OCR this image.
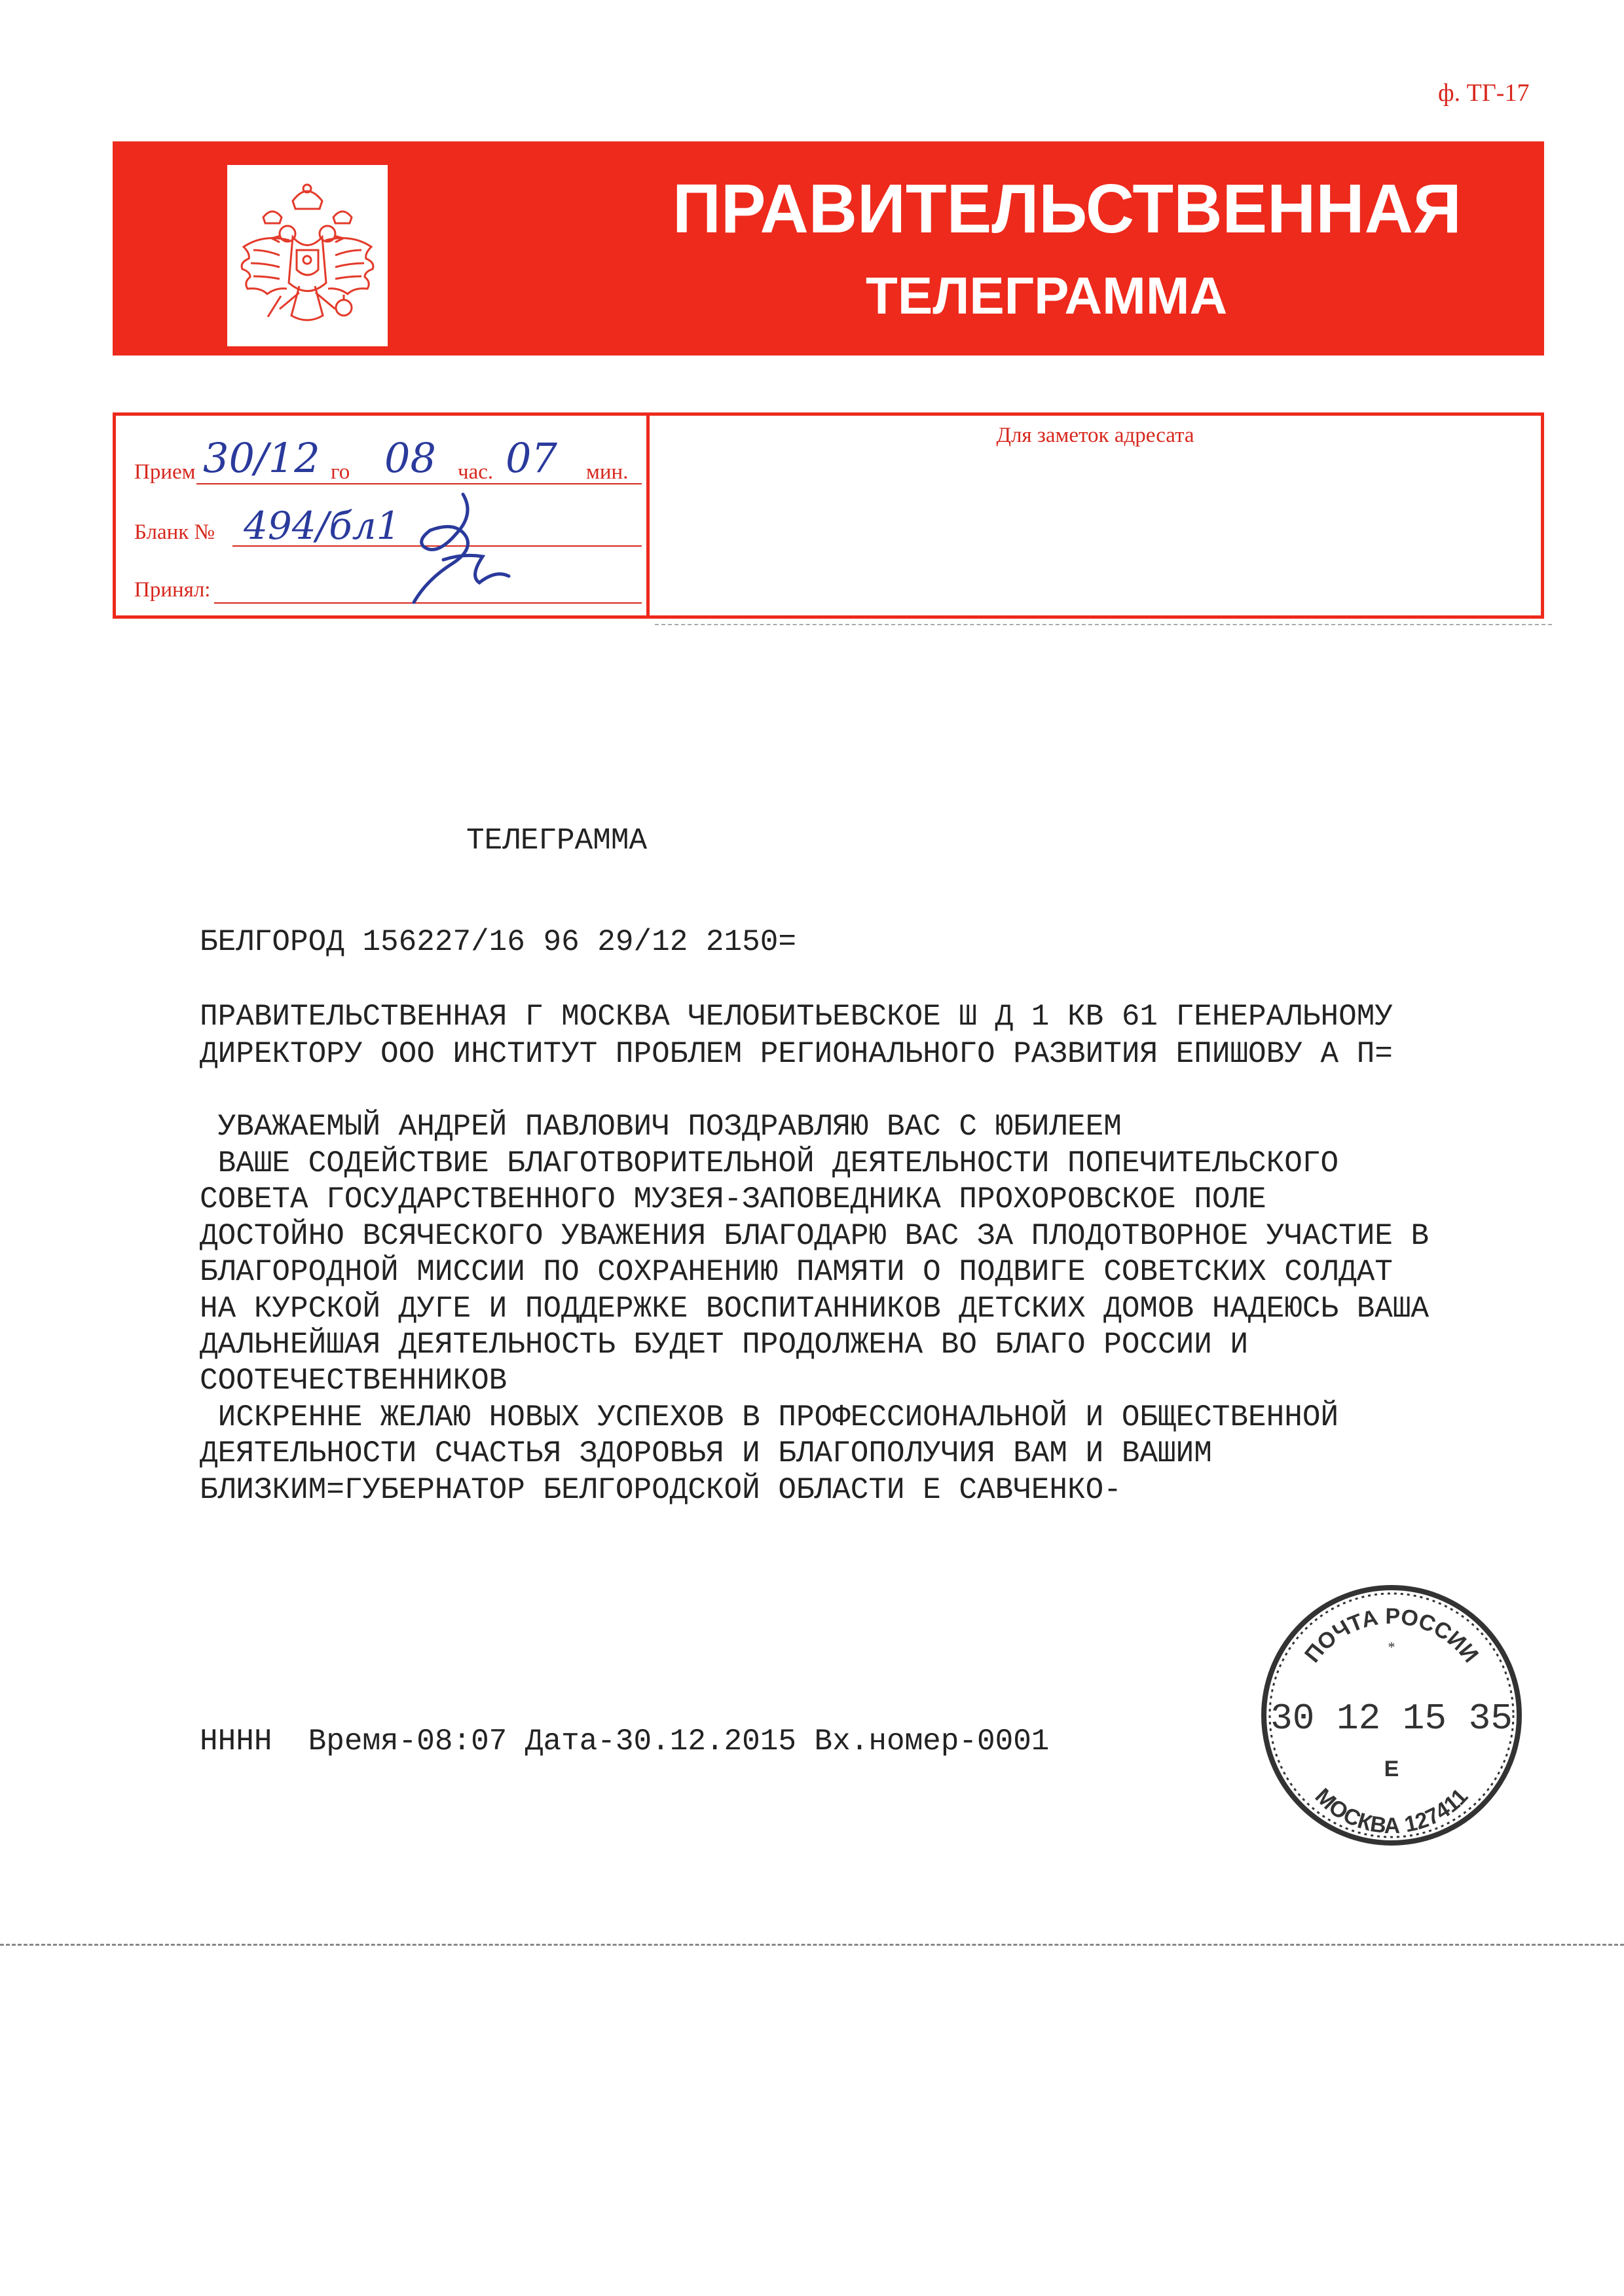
ф. ТГ-17
ПРАВИТЕЛЬСТВЕННАЯ
ТЕЛЕГРАММА
Прием 30/12 го 08 час. 07 мин.
Бланк № 494/бл1
Принял:
Для заметок адресата
ТЕЛЕГРАММА
БЕЛГОРОД 156227/16 96 29/12 2150=
ПРАВИТЕЛЬСТВЕННАЯ Г МОСКВА ЧЕЛОБИТЬЕВСКОЕ Ш Д 1 КВ 61 ГЕНЕРАЛЬНОМУ
ДИРЕКТОРУ ООО ИНСТИТУТ ПРОБЛЕМ РЕГИОНАЛЬНОГО РАЗВИТИЯ ЕПИШОВУ А П=
УВАЖАЕМЫЙ АНДРЕЙ ПАВЛОВИЧ ПОЗДРАВЛЯЮ ВАС С ЮБИЛЕЕМ
ВАШЕ СОДЕЙСТВИЕ БЛАГОТВОРИТЕЛЬНОЙ ДЕЯТЕЛЬНОСТИ ПОПЕЧИТЕЛЬСКОГО
СОВЕТА ГОСУДАРСТВЕННОГО МУЗЕЯ-ЗАПОВЕДНИКА ПРОХОРОВСКОЕ ПОЛЕ
ДОСТОЙНО ВСЯЧЕСКОГО УВАЖЕНИЯ БЛАГОДАРЮ ВАС ЗА ПЛОДОТВОРНОЕ УЧАСТИЕ В
БЛАГОРОДНОЙ МИССИИ ПО СОХРАНЕНИЮ ПАМЯТИ О ПОДВИГЕ СОВЕТСКИХ СОЛДАТ
НА КУРСКОЙ ДУГЕ И ПОДДЕРЖКЕ ВОСПИТАННИКОВ ДЕТСКИХ ДОМОВ НАДЕЮСЬ ВАША
ДАЛЬНЕЙШАЯ ДЕЯТЕЛЬНОСТЬ БУДЕТ ПРОДОЛЖЕНА ВО БЛАГО РОССИИ И
СООТЕЧЕСТВЕННИКОВ
ИСКРЕННЕ ЖЕЛАЮ НОВЫХ УСПЕХОВ В ПРОФЕССИОНАЛЬНОЙ И ОБЩЕСТВЕННОЙ
ДЕЯТЕЛЬНОСТИ СЧАСТЬЯ ЗДОРОВЬЯ И БЛАГОПОЛУЧИЯ ВАМ И ВАШИМ
БЛИЗКИМ=ГУБЕРНАТОР БЕЛГОРОДСКОЙ ОБЛАСТИ Е САВЧЕНКО-
НННН  Время-08:07 Дата-30.12.2015 Вх.номер-0001
ПОЧТА РОССИИ
30 12 15 35
Е
МОСКВА 127411
*
